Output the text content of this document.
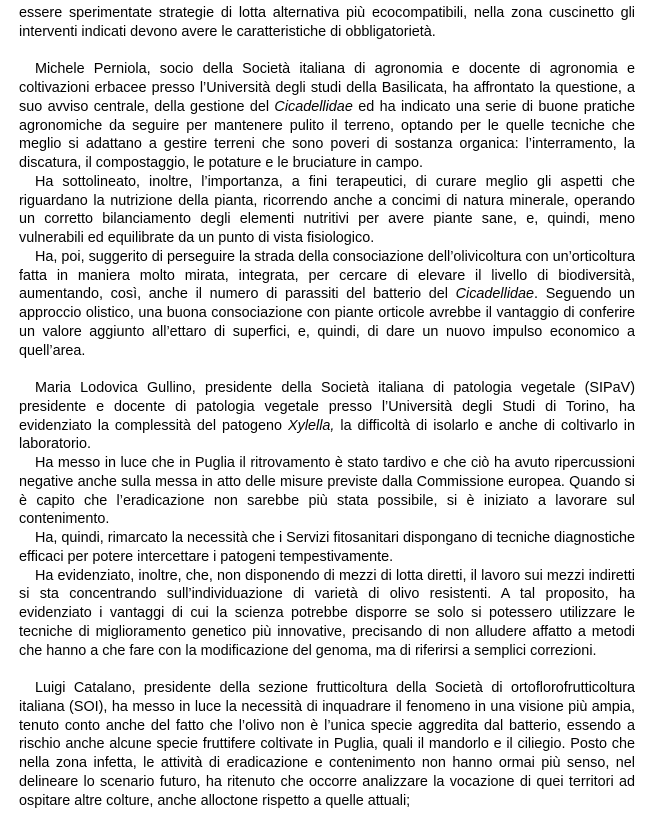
essere sperimentate strategie di lotta alternativa più ecocompatibili, nella zona cuscinetto gli interventi indicati devono avere le caratteristiche di obbligatorietà.

Michele Perniola, socio della Società italiana di agronomia e docente di agronomia e coltivazioni erbacee presso l’Università degli studi della Basilicata, ha affrontato la questione, a suo avviso centrale, della gestione del Cicadellidae ed ha indicato una serie di buone pratiche agronomiche da seguire per mantenere pulito il terreno, optando per le quelle tecniche che meglio si adattano a gestire terreni che sono poveri di sostanza organica: l’interramento, la discatura, il compostaggio, le potature e le bruciature in campo.

Ha sottolineato, inoltre, l’importanza, a fini terapeutici, di curare meglio gli aspetti che riguardano la nutrizione della pianta, ricorrendo anche a concimi di natura minerale, operando un corretto bilanciamento degli elementi nutritivi per avere piante sane, e, quindi, meno vulnerabili ed equilibrate da un punto di vista fisiologico.

Ha, poi, suggerito di perseguire la strada della consociazione dell’olivicoltura con un’orticoltura fatta in maniera molto mirata, integrata, per cercare di elevare il livello di biodiversità, aumentando, così, anche il numero di parassiti del batterio del Cicadellidae. Seguendo un approccio olistico, una buona consociazione con piante orticole avrebbe il vantaggio di conferire un valore aggiunto all’ettaro di superfici, e, quindi, di dare un nuovo impulso economico a quell’area.

Maria Lodovica Gullino, presidente della Società italiana di patologia vegetale (SIPaV) presidente e docente di patologia vegetale presso l’Università degli Studi di Torino, ha evidenziato la complessità del patogeno Xylella, la difficoltà di isolarlo e anche di coltivarlo in laboratorio.

Ha messo in luce che in Puglia il ritrovamento è stato tardivo e che ciò ha avuto ripercussioni negative anche sulla messa in atto delle misure previste dalla Commissione europea. Quando si è capito che l’eradicazione non sarebbe più stata possibile, si è iniziato a lavorare sul contenimento.

Ha, quindi, rimarcato la necessità che i Servizi fitosanitari dispongano di tecniche diagnostiche efficaci per potere intercettare i patogeni tempestivamente.

Ha evidenziato, inoltre, che, non disponendo di mezzi di lotta diretti, il lavoro sui mezzi indiretti si sta concentrando sull’individuazione di varietà di olivo resistenti. A tal proposito, ha evidenziato i vantaggi di cui la scienza potrebbe disporre se solo si potessero utilizzare le tecniche di miglioramento genetico più innovative, precisando di non alludere affatto a metodi che hanno a che fare con la modificazione del genoma, ma di riferirsi a semplici correzioni.

Luigi Catalano, presidente della sezione frutticoltura della Società di ortoflorofrutticoltura italiana (SOI), ha messo in luce la necessità di inquadrare il fenomeno in una visione più ampia, tenuto conto anche del fatto che l’olivo non è l’unica specie aggredita dal batterio, essendo a rischio anche alcune specie fruttifere coltivate in Puglia, quali il mandorlo e il ciliegio. Posto che nella zona infetta, le attività di eradicazione e contenimento non hanno ormai più senso, nel delineare lo scenario futuro, ha ritenuto che occorre analizzare la vocazione di quei territori ad ospitare altre colture, anche alloctone rispetto a quelle attuali;
